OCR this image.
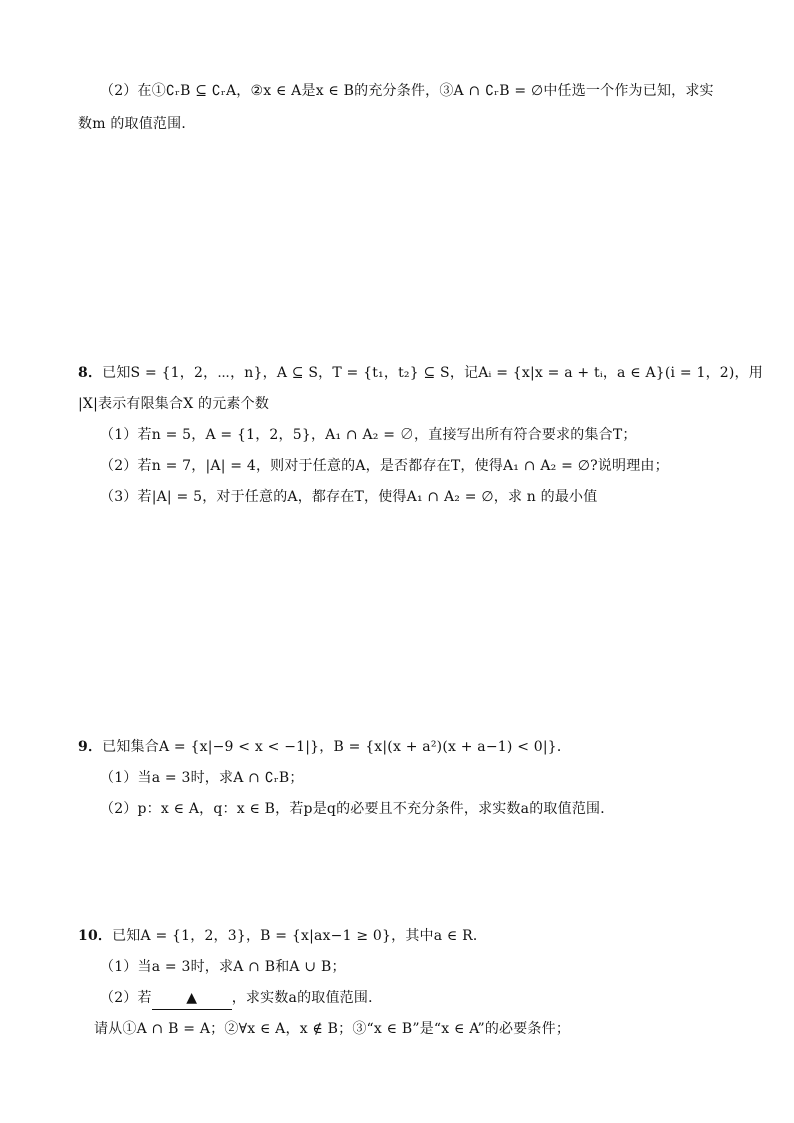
（2）在①∁ᵣB ⊆ ∁ᵣA，②x ∈ A是x ∈ B的充分条件，③A ∩ ∁ᵣB = ∅中任选一个作为已知，求实
数m 的取值范围．
8．已知S = {1，2，⋯，n}，A ⊆ S，T = {t₁，t₂} ⊆ S，记Aᵢ = {x|x = a + tᵢ，a ∈ A}(i = 1，2)，用
|X|表示有限集合X 的元素个数
（1）若n = 5，A = {1，2，5}，A₁ ∩ A₂ = ∅，直接写出所有符合要求的集合T；
（2）若n = 7，|A| = 4，则对于任意的A，是否都存在T，使得A₁ ∩ A₂ = ∅?说明理由；
（3）若|A| = 5，对于任意的A，都存在T，使得A₁ ∩ A₂ = ∅，求 n 的最小值
9．已知集合A = {x|−9 < x < −1|}，B = {x|(x + a²)(x + a−1) < 0|}．
（1）当a = 3时，求A ∩ ∁ᵣB；
（2）p：x ∈ A，q：x ∈ B，若p是q的必要且不充分条件，求实数a的取值范围．
10．已知A = {1，2，3}，B = {x|ax−1 ≥ 0}，其中a ∈ R．
（1）当a = 3时，求A ∩ B和A ∪ B；
（2）若 ▲ ，求实数a的取值范围．
请从①A ∩ B = A；②∀x ∈ A，x ∉ B；③“x ∈ B”是“x ∈ A”的必要条件；
